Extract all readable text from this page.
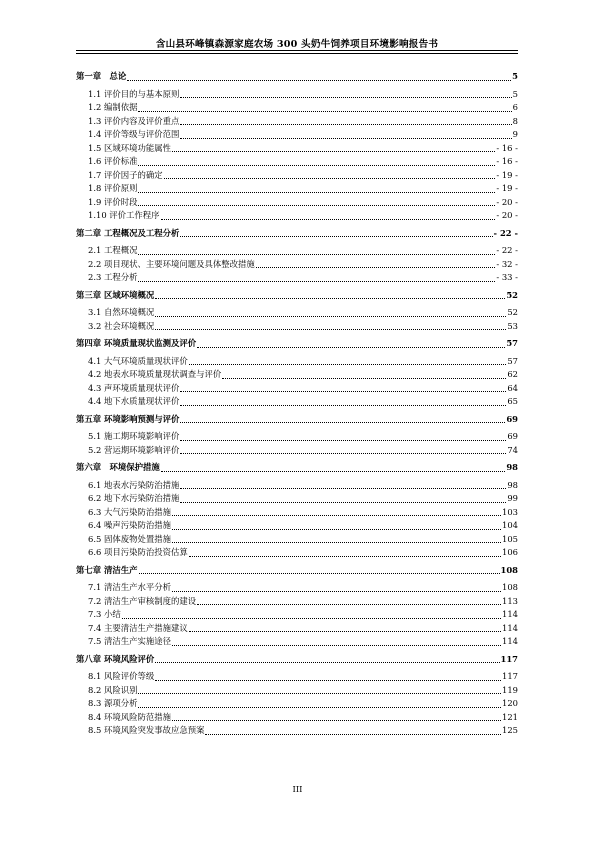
含山县环峰镇森源家庭农场 300 头奶牛饲养项目环境影响报告书
第一章　总论	5
1.1 评价目的与基本原则	5
1.2 编制依据	6
1.3 评价内容及评价重点	8
1.4 评价等级与评价范围	9
1.5 区域环境功能属性	- 16 -
1.6 评价标准	- 16 -
1.7 评价因子的确定	- 19 -
1.8 评价原则	- 19 -
1.9 评价时段	- 20 -
1.10 评价工作程序	- 20 -
第二章 工程概况及工程分析	- 22 -
2.1 工程概况	- 22 -
2.2 项目现状、主要环境问题及具体整改措施	- 32 -
2.3 工程分析	- 33 -
第三章 区域环境概况	52
3.1 自然环境概况	52
3.2 社会环境概况	53
第四章 环境质量现状监测及评价	57
4.1 大气环境质量现状评价	57
4.2 地表水环境质量现状调查与评价	62
4.3 声环境质量现状评价	64
4.4 地下水质量现状评价	65
第五章 环境影响预测与评价	69
5.1 施工期环境影响评价	69
5.2 营运期环境影响评价	74
第六章　环境保护措施	98
6.1 地表水污染防治措施	98
6.2 地下水污染防治措施	99
6.3 大气污染防治措施	103
6.4 噪声污染防治措施	104
6.5 固体废物处置措施	105
6.6 项目污染防治投资估算	106
第七章 清洁生产	108
7.1 清洁生产水平分析	108
7.2 清洁生产审核制度的建设	113
7.3 小结	114
7.4 主要清洁生产措施建议	114
7.5 清洁生产实施途径	114
第八章 环境风险评价	117
8.1 风险评价等级	117
8.2 风险识别	119
8.3 源项分析	120
8.4 环境风险防范措施	121
8.5 环境风险突发事故应急预案	125
III
